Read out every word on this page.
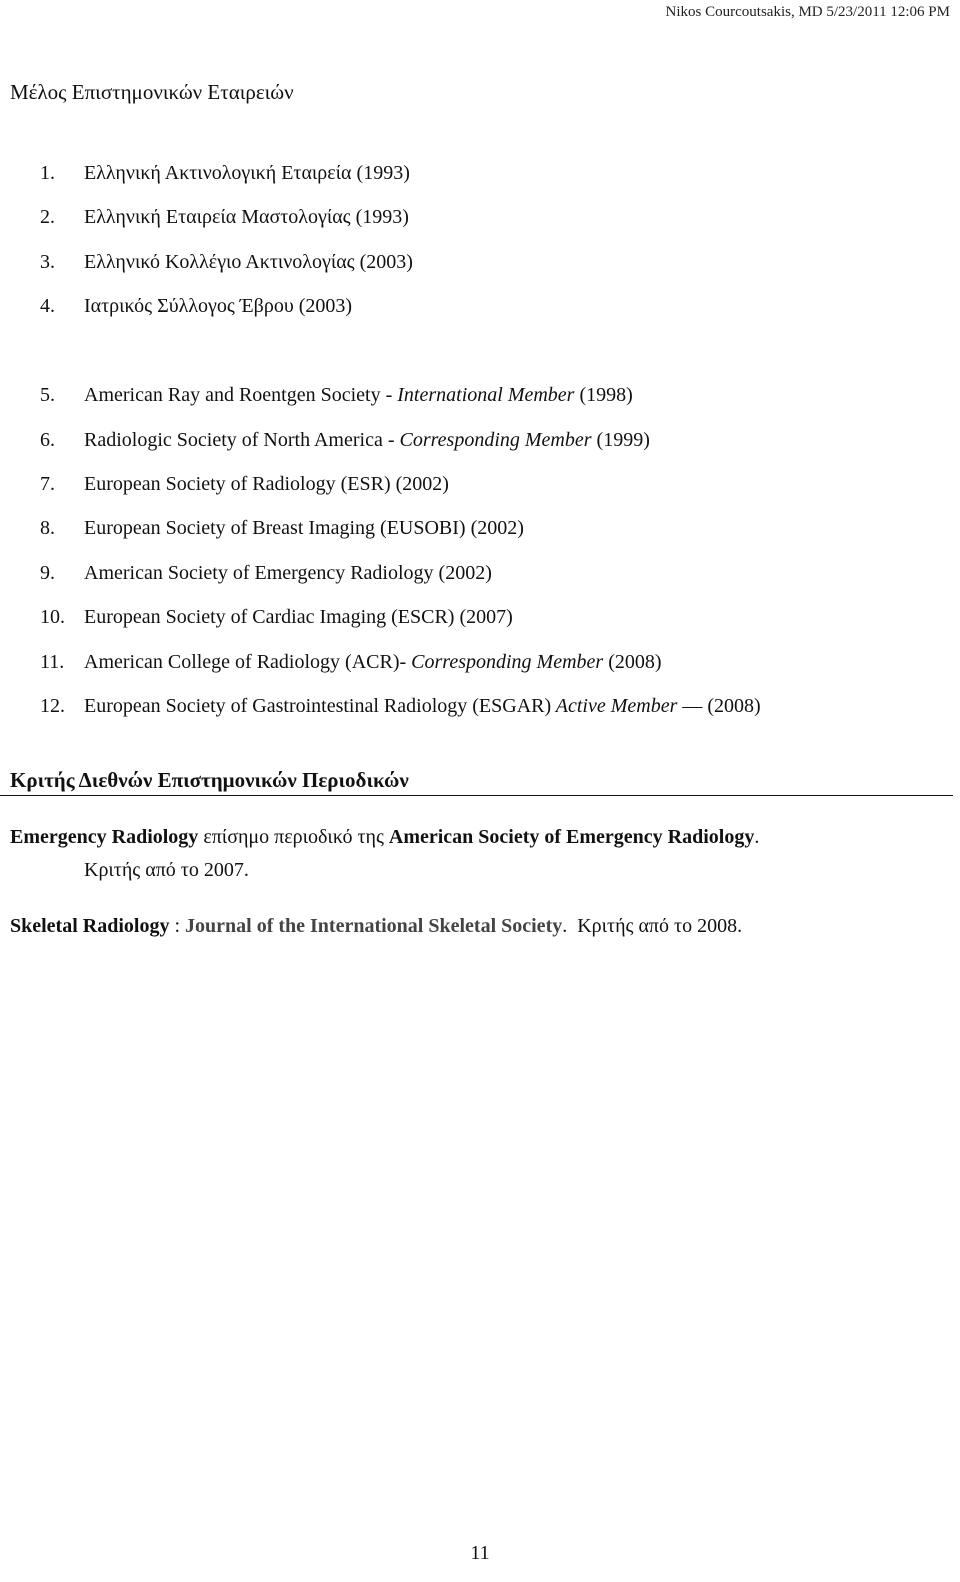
Nikos Courcoutsakis, MD 5/23/2011 12:06 PM
Μέλος Επιστημονικών Εταιρειών
1.	Ελληνική Ακτινολογική Εταιρεία (1993)
2.	Ελληνική Εταιρεία Μαστολογίας (1993)
3.	Ελληνικό Κολλέγιο Ακτινολογίας (2003)
4.	Ιατρικός Σύλλογος Έβρου (2003)
5.	American Ray and Roentgen Society - International Member (1998)
6.	Radiologic Society of North America - Corresponding Member (1999)
7.	European Society of Radiology (ESR) (2002)
8.	European Society of Breast Imaging (EUSOBI) (2002)
9.	American Society of Emergency Radiology (2002)
10. European Society of Cardiac Imaging (ESCR) (2007)
11. American College of Radiology (ACR)- Corresponding Member (2008)
12. European Society of Gastrointestinal Radiology (ESGAR) Active Member — (2008)
Κριτής Διεθνών Επιστημονικών Περιοδικών
Emergency Radiology επίσημο περιοδικό της American Society of Emergency Radiology.
Κριτής από το 2007.
Skeletal Radiology : Journal of the International Skeletal Society.  Κριτής από το 2008.
11
